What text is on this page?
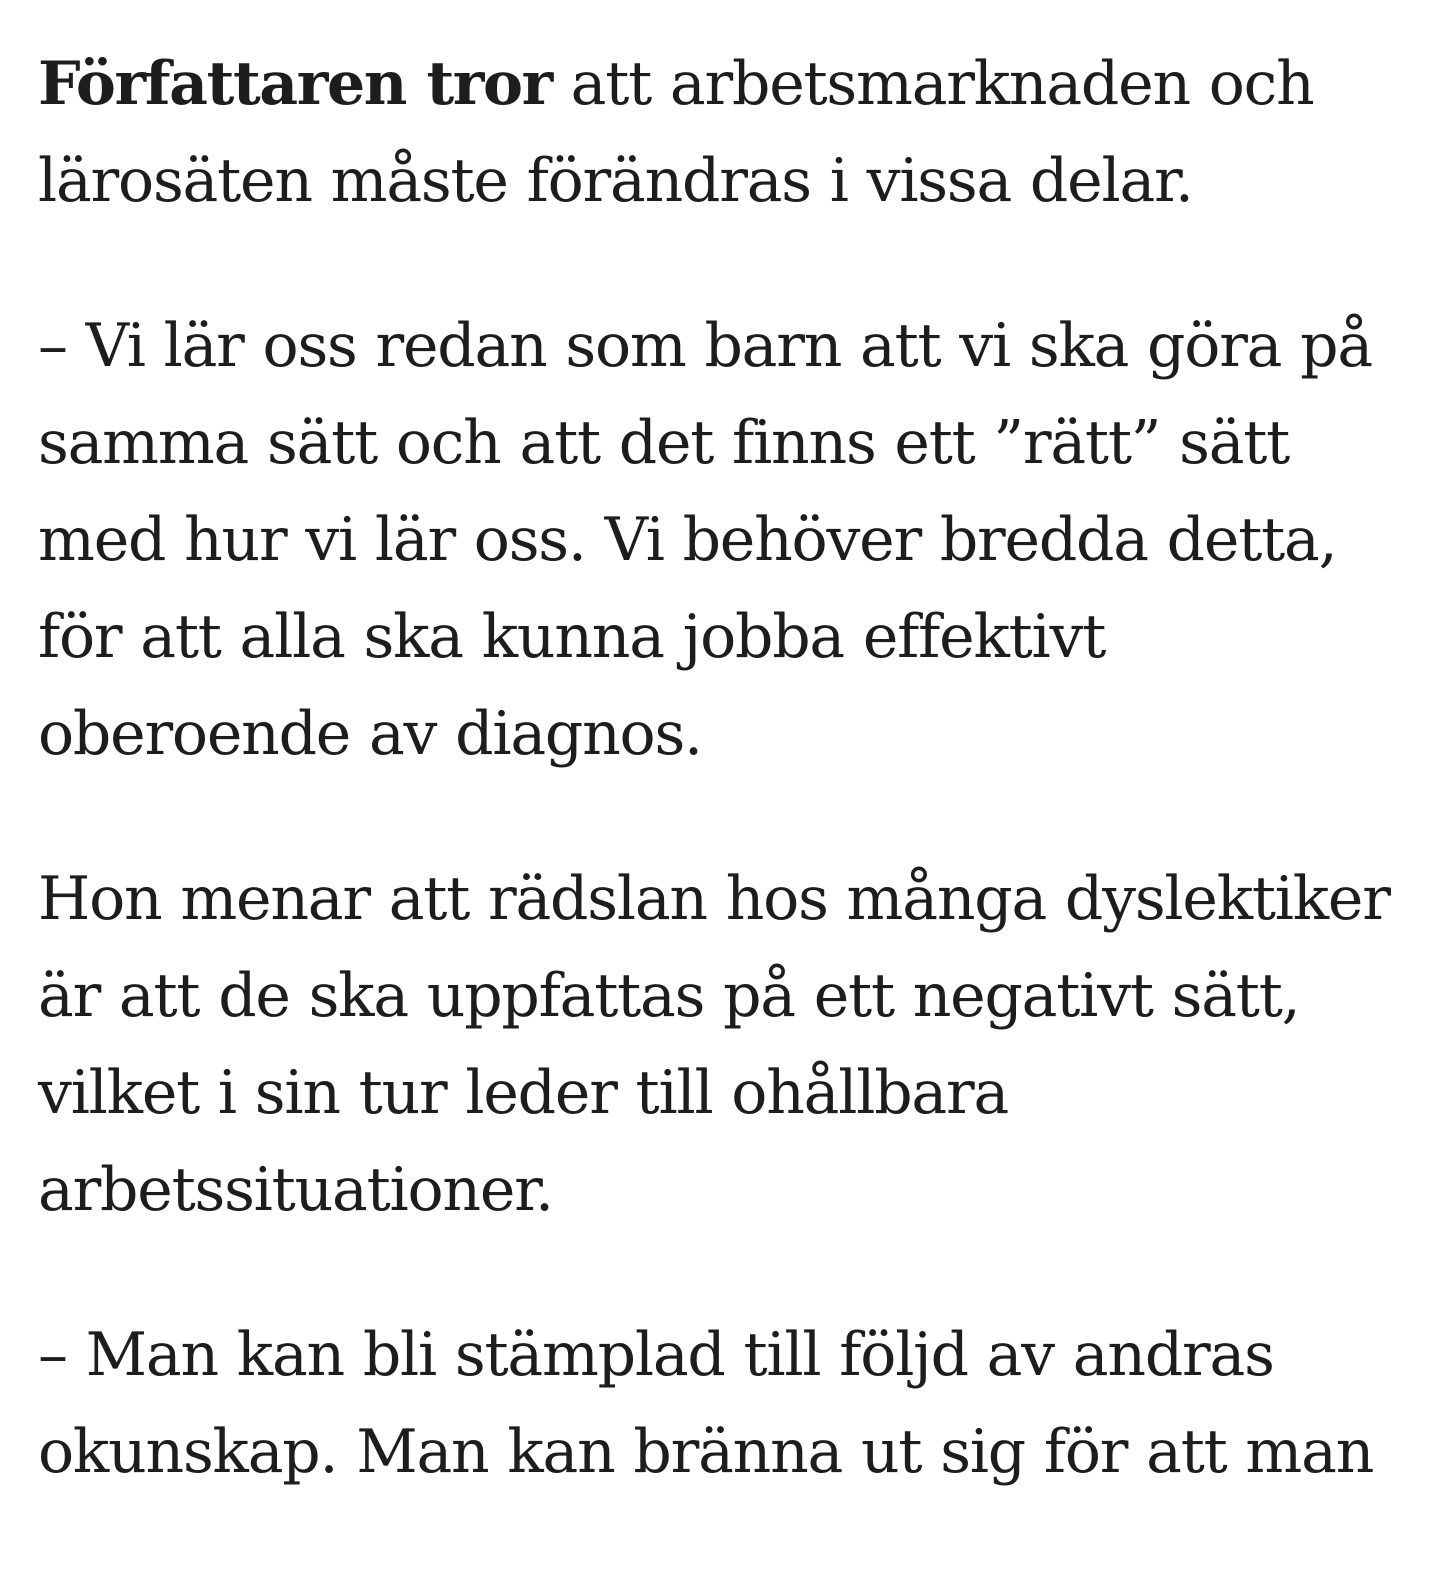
Författaren tror att arbetsmarknaden och lärosäten måste förändras i vissa delar.

– Vi lär oss redan som barn att vi ska göra på samma sätt och att det finns ett ”rätt” sätt med hur vi lär oss. Vi behöver bredda detta, för att alla ska kunna jobba effektivt oberoende av diagnos.

Hon menar att rädslan hos många dyslektiker är att de ska uppfattas på ett negativt sätt, vilket i sin tur leder till ohållbara arbetssituationer.

– Man kan bli stämplad till följd av andras okunskap. Man kan bränna ut sig för att man
